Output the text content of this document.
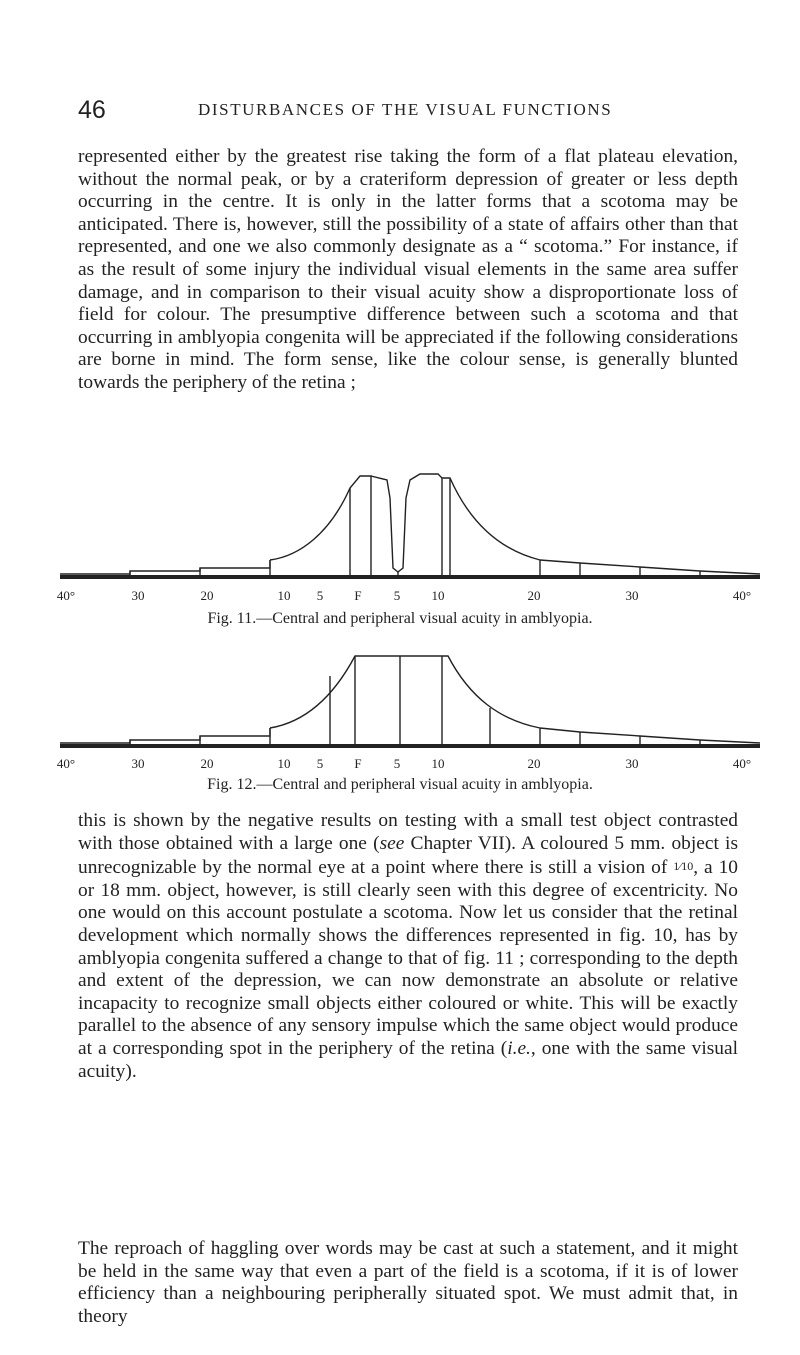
46	DISTURBANCES OF THE VISUAL FUNCTIONS

represented either by the greatest rise taking the form of a flat plateau elevation, without the normal peak, or by a crateriform depression of greater or less depth occurring in the centre. It is only in the latter forms that a scotoma may be anticipated. There is, however, still the possibility of a state of affairs other than that represented, and one we also commonly designate as a “ scotoma.” For instance, if as the result of some injury the individual visual elements in the same area suffer damage, and in comparison to their visual acuity show a disproportionate loss of field for colour. The presumptive difference between such a scotoma and that occurring in amblyopia congenita will be appreciated if the following considerations are borne in mind. The form sense, like the colour sense, is generally blunted towards the periphery of the retina ;

40°	30	20	10 5 F 5 10	20	30	40°
Fig. 11.—Central and peripheral visual acuity in amblyopia.
40°	30	20	10 5 F 5 10	20	30	40°
Fig. 12.—Central and peripheral visual acuity in amblyopia.

this is shown by the negative results on testing with a small test object contrasted with those obtained with a large one (see Chapter VII). A coloured 5 mm. object is unrecognizable by the normal eye at a point where there is still a vision of 1⁄10, a 10 or 18 mm. object, however, is still clearly seen with this degree of excentricity. No one would on this account postulate a scotoma. Now let us consider that the retinal development which normally shows the differences represented in fig. 10, has by amblyopia congenita suffered a change to that of fig. 11 ; corresponding to the depth and extent of the depression, we can now demonstrate an absolute or relative incapacity to recognize small objects either coloured or white. This will be exactly parallel to the absence of any sensory impulse which the same object would produce at a corresponding spot in the periphery of the retina (i.e., one with the same visual acuity).

The reproach of haggling over words may be cast at such a statement, and it might be held in the same way that even a part of the field is a scotoma, if it is of lower efficiency than a neighbouring peripherally situated spot. We must admit that, in theory
